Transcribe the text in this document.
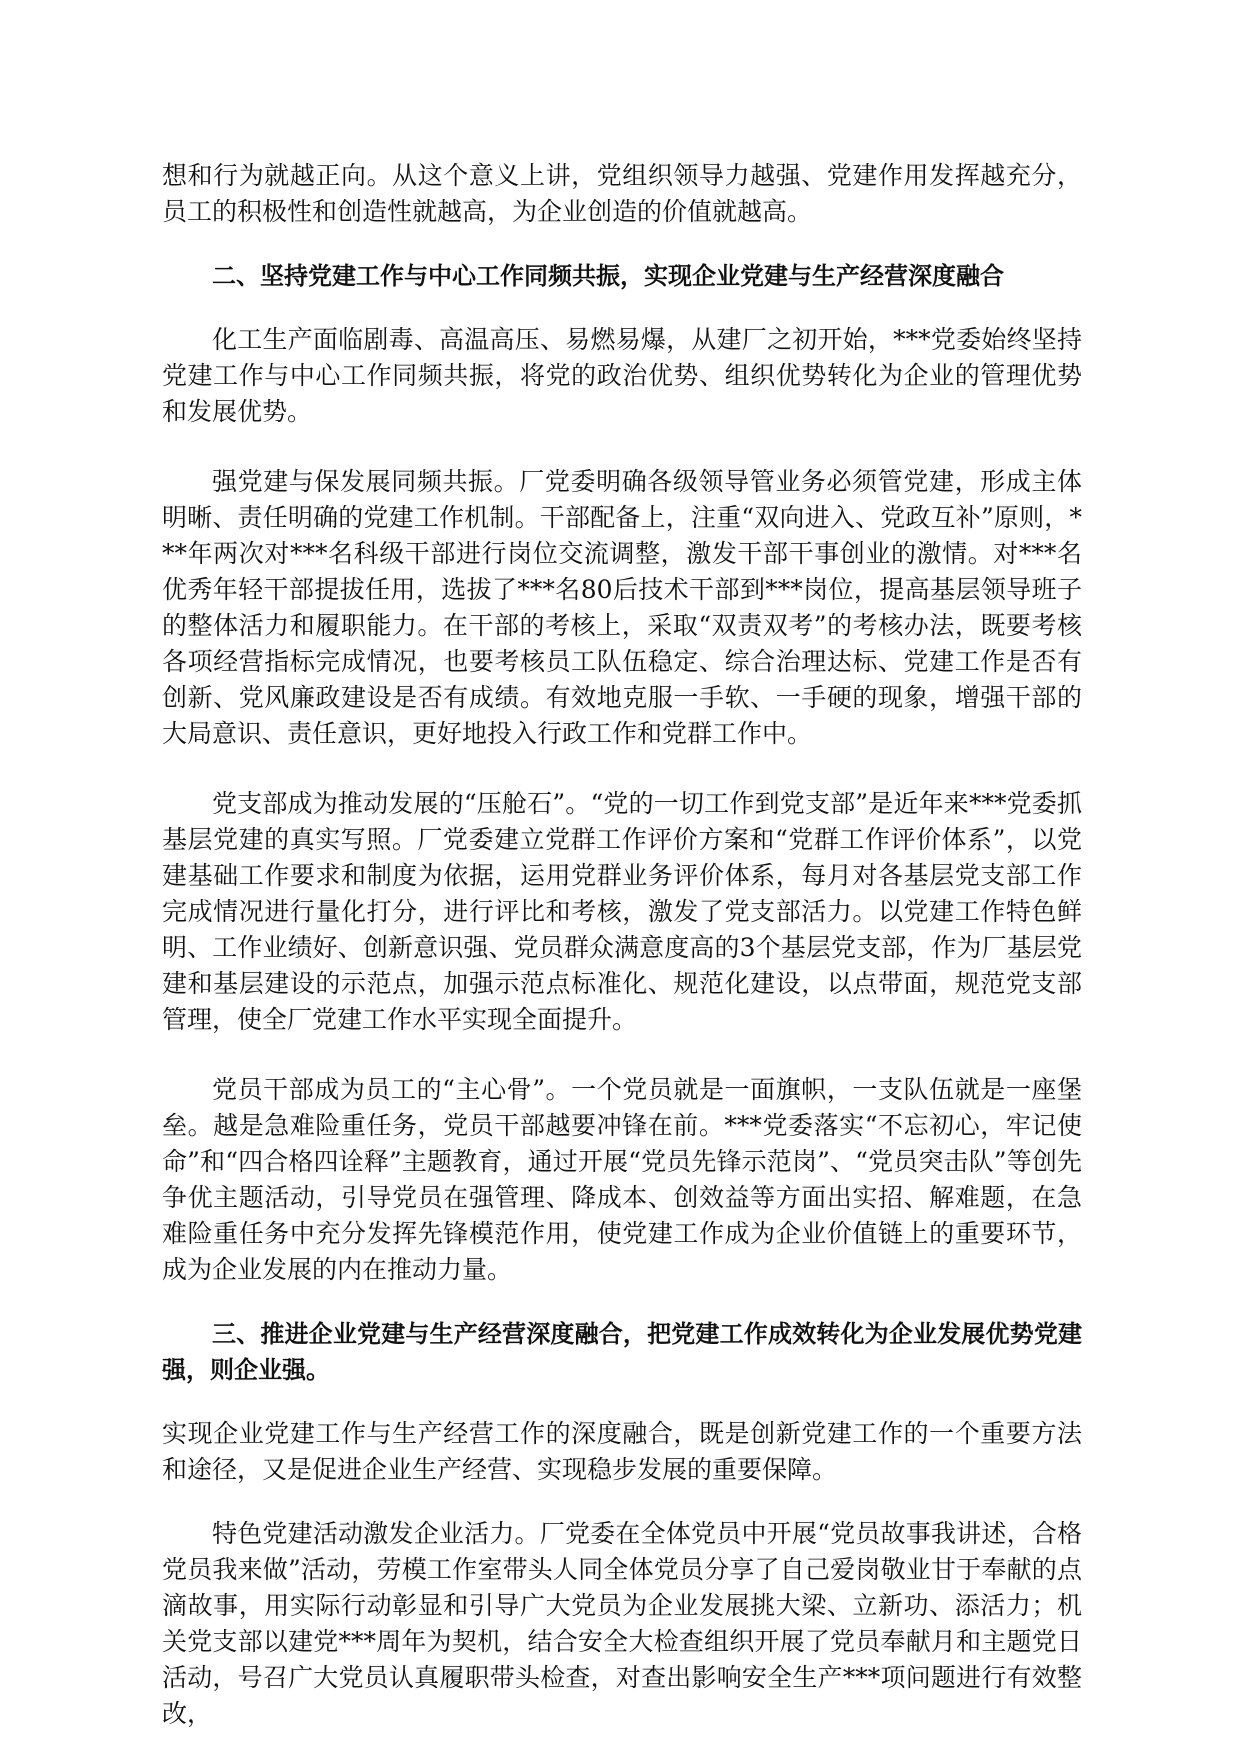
想和行为就越正向。从这个意义上讲，党组织领导力越强、党建作用发挥越充分，员工的积极性和创造性就越高，为企业创造的价值就越高。

二、坚持党建工作与中心工作同频共振，实现企业党建与生产经营深度融合

化工生产面临剧毒、高温高压、易燃易爆，从建厂之初开始，***党委始终坚持党建工作与中心工作同频共振，将党的政治优势、组织优势转化为企业的管理优势和发展优势。

强党建与保发展同频共振。厂党委明确各级领导管业务必须管党建，形成主体明晰、责任明确的党建工作机制。干部配备上，注重“双向进入、党政互补”原则，***年两次对***名科级干部进行岗位交流调整，激发干部干事创业的激情。对***名优秀年轻干部提拔任用，选拔了***名80后技术干部到***岗位，提高基层领导班子的整体活力和履职能力。在干部的考核上，采取“双责双考”的考核办法，既要考核各项经营指标完成情况，也要考核员工队伍稳定、综合治理达标、党建工作是否有创新、党风廉政建设是否有成绩。有效地克服一手软、一手硬的现象，增强干部的大局意识、责任意识，更好地投入行政工作和党群工作中。

党支部成为推动发展的“压舱石”。“党的一切工作到党支部”是近年来***党委抓基层党建的真实写照。厂党委建立党群工作评价方案和“党群工作评价体系”，以党建基础工作要求和制度为依据，运用党群业务评价体系，每月对各基层党支部工作完成情况进行量化打分，进行评比和考核，激发了党支部活力。以党建工作特色鲜明、工作业绩好、创新意识强、党员群众满意度高的3个基层党支部，作为厂基层党建和基层建设的示范点，加强示范点标准化、规范化建设，以点带面，规范党支部管理，使全厂党建工作水平实现全面提升。

党员干部成为员工的“主心骨”。一个党员就是一面旗帜，一支队伍就是一座堡垒。越是急难险重任务，党员干部越要冲锋在前。***党委落实“不忘初心，牢记使命”和“四合格四诠释”主题教育，通过开展“党员先锋示范岗”、“党员突击队”等创先争优主题活动，引导党员在强管理、降成本、创效益等方面出实招、解难题，在急难险重任务中充分发挥先锋模范作用，使党建工作成为企业价值链上的重要环节，成为企业发展的内在推动力量。

三、推进企业党建与生产经营深度融合，把党建工作成效转化为企业发展优势党建强，则企业强。

实现企业党建工作与生产经营工作的深度融合，既是创新党建工作的一个重要方法和途径，又是促进企业生产经营、实现稳步发展的重要保障。

特色党建活动激发企业活力。厂党委在全体党员中开展“党员故事我讲述，合格党员我来做”活动，劳模工作室带头人同全体党员分享了自己爱岗敬业甘于奉献的点滴故事，用实际行动彰显和引导广大党员为企业发展挑大梁、立新功、添活力；机关党支部以建党***周年为契机，结合安全大检查组织开展了党员奉献月和主题党日活动，号召广大党员认真履职带头检查，对查出影响安全生产***项问题进行有效整改，
